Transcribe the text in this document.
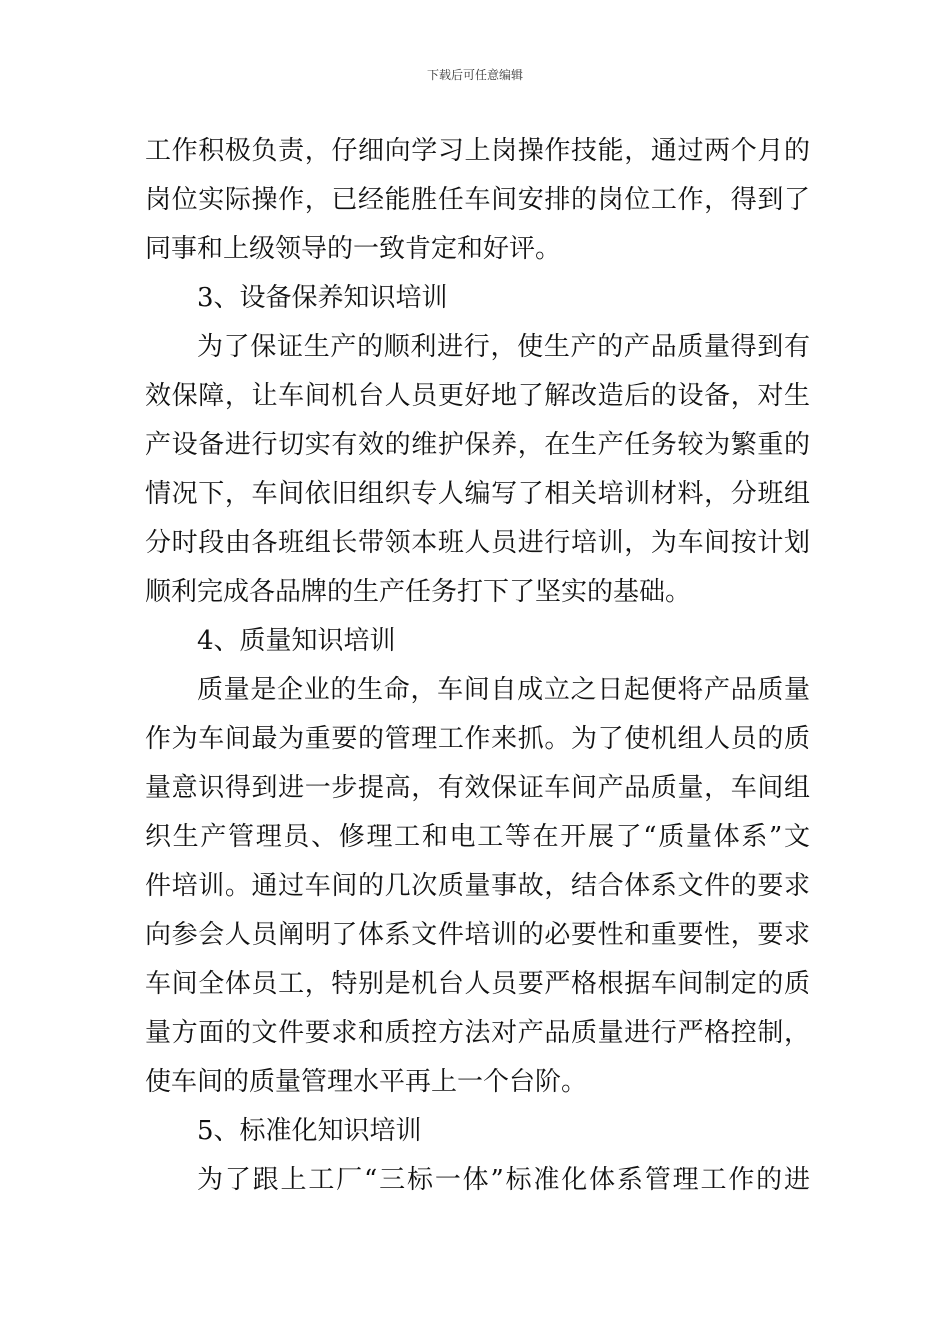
下载后可任意编辑
工作积极负责，仔细向学习上岗操作技能，通过两个月的
岗位实际操作，已经能胜任车间安排的岗位工作，得到了
同事和上级领导的一致肯定和好评。
3、设备保养知识培训
为了保证生产的顺利进行，使生产的产品质量得到有
效保障，让车间机台人员更好地了解改造后的设备，对生
产设备进行切实有效的维护保养，在生产任务较为繁重的
情况下，车间依旧组织专人编写了相关培训材料，分班组
分时段由各班组长带领本班人员进行培训，为车间按计划
顺利完成各品牌的生产任务打下了坚实的基础。
4、质量知识培训
质量是企业的生命，车间自成立之日起便将产品质量
作为车间最为重要的管理工作来抓。为了使机组人员的质
量意识得到进一步提高，有效保证车间产品质量，车间组
织生产管理员、修理工和电工等在开展了“质量体系”文
件培训。通过车间的几次质量事故，结合体系文件的要求
向参会人员阐明了体系文件培训的必要性和重要性，要求
车间全体员工，特别是机台人员要严格根据车间制定的质
量方面的文件要求和质控方法对产品质量进行严格控制，
使车间的质量管理水平再上一个台阶。
5、标准化知识培训
为了跟上工厂“三标一体”标准化体系管理工作的进
